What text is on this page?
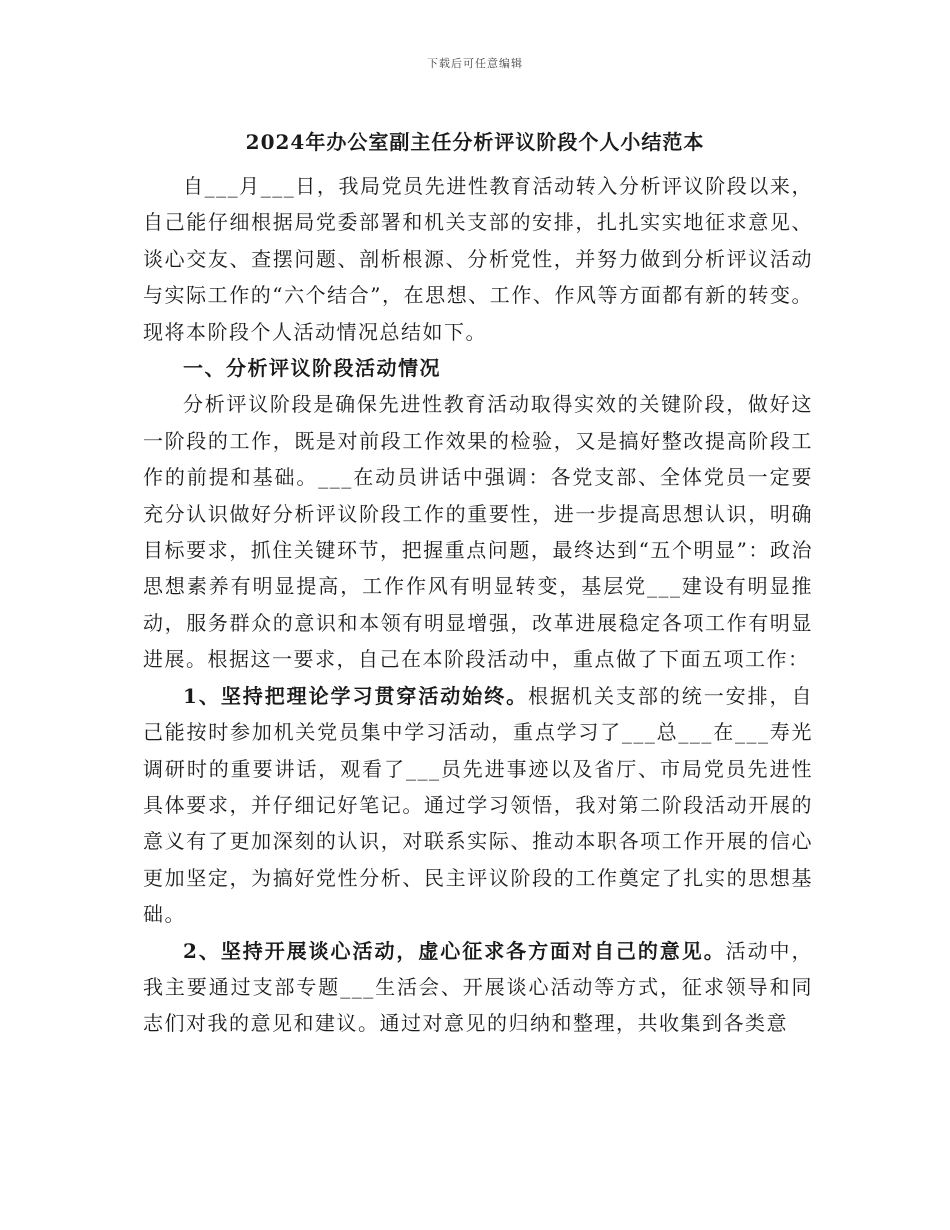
下载后可任意编辑
2024年办公室副主任分析评议阶段个人小结范本

自___月___日，我局党员先进性教育活动转入分析评议阶段以来，自己能仔细根据局党委部署和机关支部的安排，扎扎实实地征求意见、谈心交友、查摆问题、剖析根源、分析党性，并努力做到分析评议活动与实际工作的“六个结合”，在思想、工作、作风等方面都有新的转变。现将本阶段个人活动情况总结如下。

一、分析评议阶段活动情况

分析评议阶段是确保先进性教育活动取得实效的关键阶段，做好这一阶段的工作，既是对前段工作效果的检验，又是搞好整改提高阶段工作的前提和基础。___在动员讲话中强调：各党支部、全体党员一定要充分认识做好分析评议阶段工作的重要性，进一步提高思想认识，明确目标要求，抓住关键环节，把握重点问题，最终达到“五个明显”：政治思想素养有明显提高，工作作风有明显转变，基层党___建设有明显推动，服务群众的意识和本领有明显增强，改革进展稳定各项工作有明显进展。根据这一要求，自己在本阶段活动中，重点做了下面五项工作：

1、坚持把理论学习贯穿活动始终。根据机关支部的统一安排，自己能按时参加机关党员集中学习活动，重点学习了___总___在___寿光调研时的重要讲话，观看了___员先进事迹以及省厅、市局党员先进性具体要求，并仔细记好笔记。通过学习领悟，我对第二阶段活动开展的意义有了更加深刻的认识，对联系实际、推动本职各项工作开展的信心更加坚定，为搞好党性分析、民主评议阶段的工作奠定了扎实的思想基础。

2、坚持开展谈心活动，虚心征求各方面对自己的意见。活动中，我主要通过支部专题___生活会、开展谈心活动等方式，征求领导和同志们对我的意见和建议。通过对意见的归纳和整理，共收集到各类意
